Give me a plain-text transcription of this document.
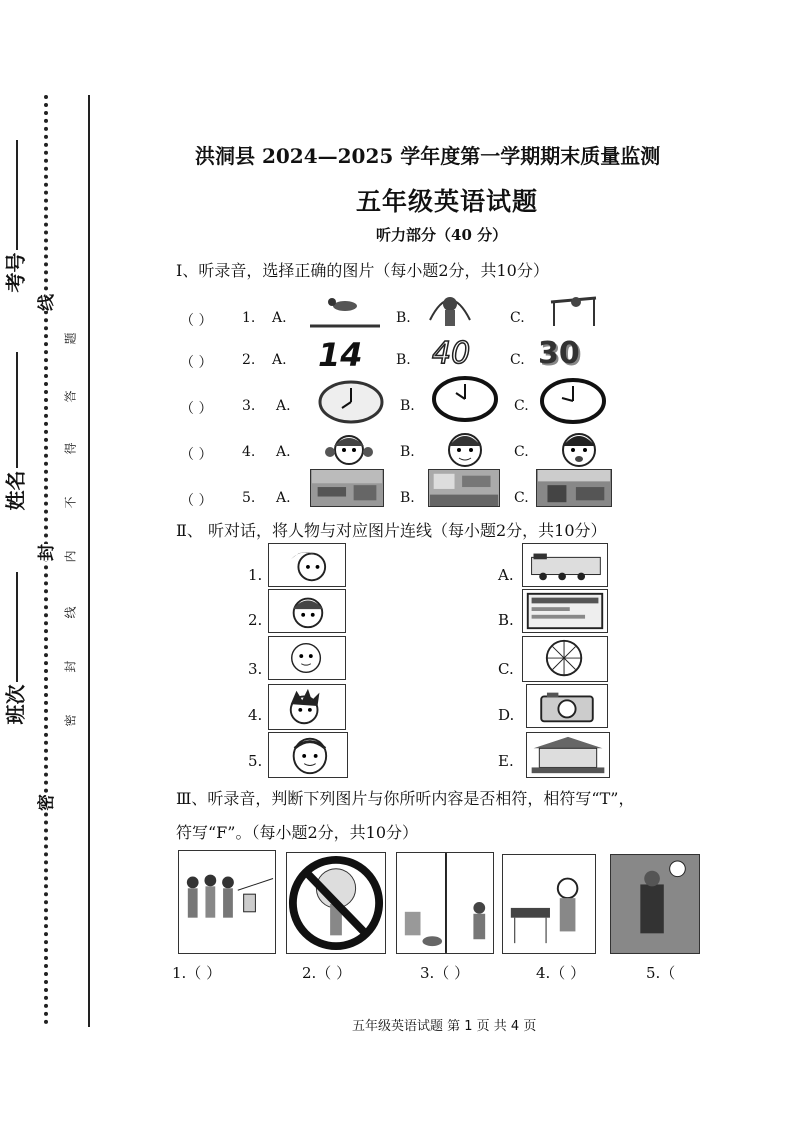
考号
姓名
班次
线
封
密
题
答
得
不
内
线
封
密
洪洞县 2024—2025 学年度第一学期期末质量监测
五年级英语试题
听力部分（40 分）
Ⅰ、听录音，选择正确的图片（每小题2分，共10分）
（ ） 1. A.	B.	C.
（ ） 2. A. 14 B. 40	C. 30
（ ） 3. A.	B.	C.
（ ） 4. A.	B.	C.
（ ） 5. A.	B.	C.
Ⅱ、 听对话，将人物与对应图片连线（每小题2分，共10分）
1.
2.
3.
4.
5.
A.
B.
C.
D.
E.
Ⅲ、听录音，判断下列图片与你所听内容是否相符，相符写“T”，
符写“F”。（每小题2分，共10分）
1.（ ）	2.（ ）	3.（ ）	4.（ ）	5.（
五年级英语试题 第 1 页 共 4 页
